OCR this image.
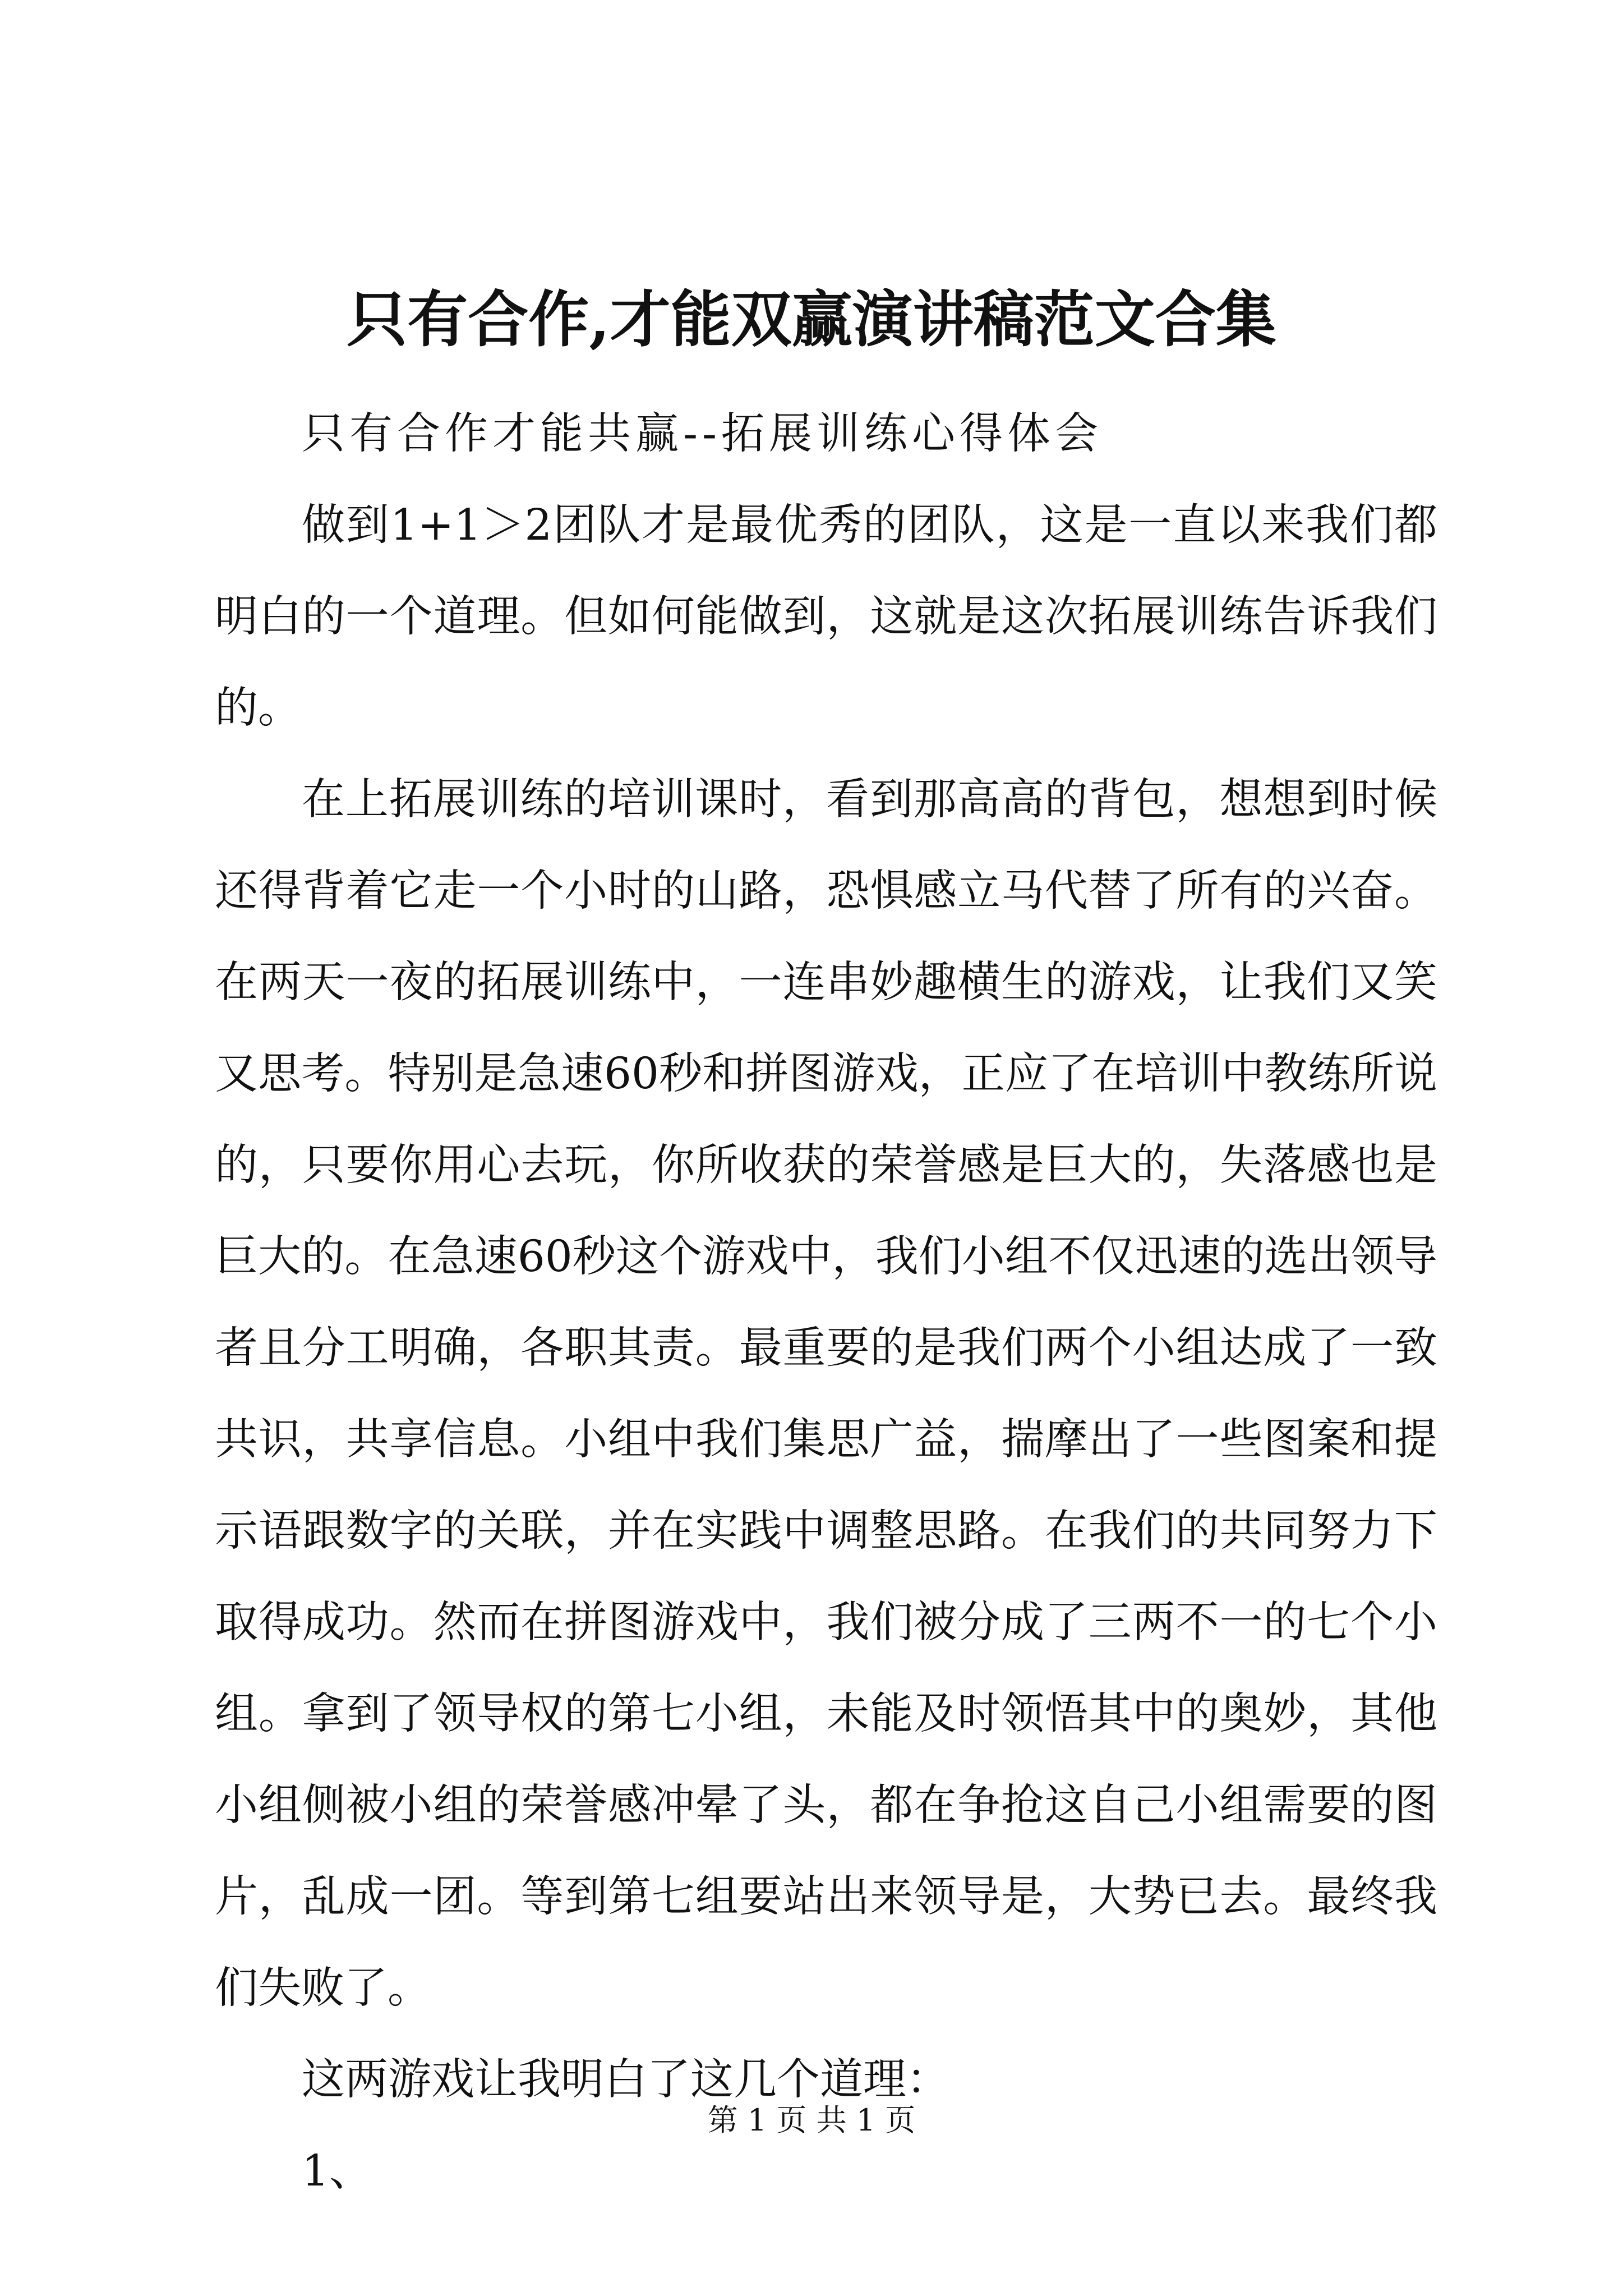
只有合作,才能双赢演讲稿范文合集

只有合作才能共赢--拓展训练心得体会

做到1+1＞2团队才是最优秀的团队，这是一直以来我们都明白的一个道理。但如何能做到，这就是这次拓展训练告诉我们的。

在上拓展训练的培训课时，看到那高高的背包，想想到时候还得背着它走一个小时的山路，恐惧感立马代替了所有的兴奋。在两天一夜的拓展训练中，一连串妙趣横生的游戏，让我们又笑又思考。特别是急速60秒和拼图游戏，正应了在培训中教练所说的，只要你用心去玩，你所收获的荣誉感是巨大的，失落感也是巨大的。在急速60秒这个游戏中，我们小组不仅迅速的选出领导者且分工明确，各职其责。最重要的是我们两个小组达成了一致共识，共享信息。小组中我们集思广益，揣摩出了一些图案和提示语跟数字的关联，并在实践中调整思路。在我们的共同努力下取得成功。然而在拼图游戏中，我们被分成了三两不一的七个小组。拿到了领导权的第七小组，未能及时领悟其中的奥妙，其他小组侧被小组的荣誉感冲晕了头，都在争抢这自己小组需要的图片，乱成一团。等到第七组要站出来领导是，大势已去。最终我们失败了。

这两游戏让我明白了这几个道理：

1、

第 1 页 共 1 页
